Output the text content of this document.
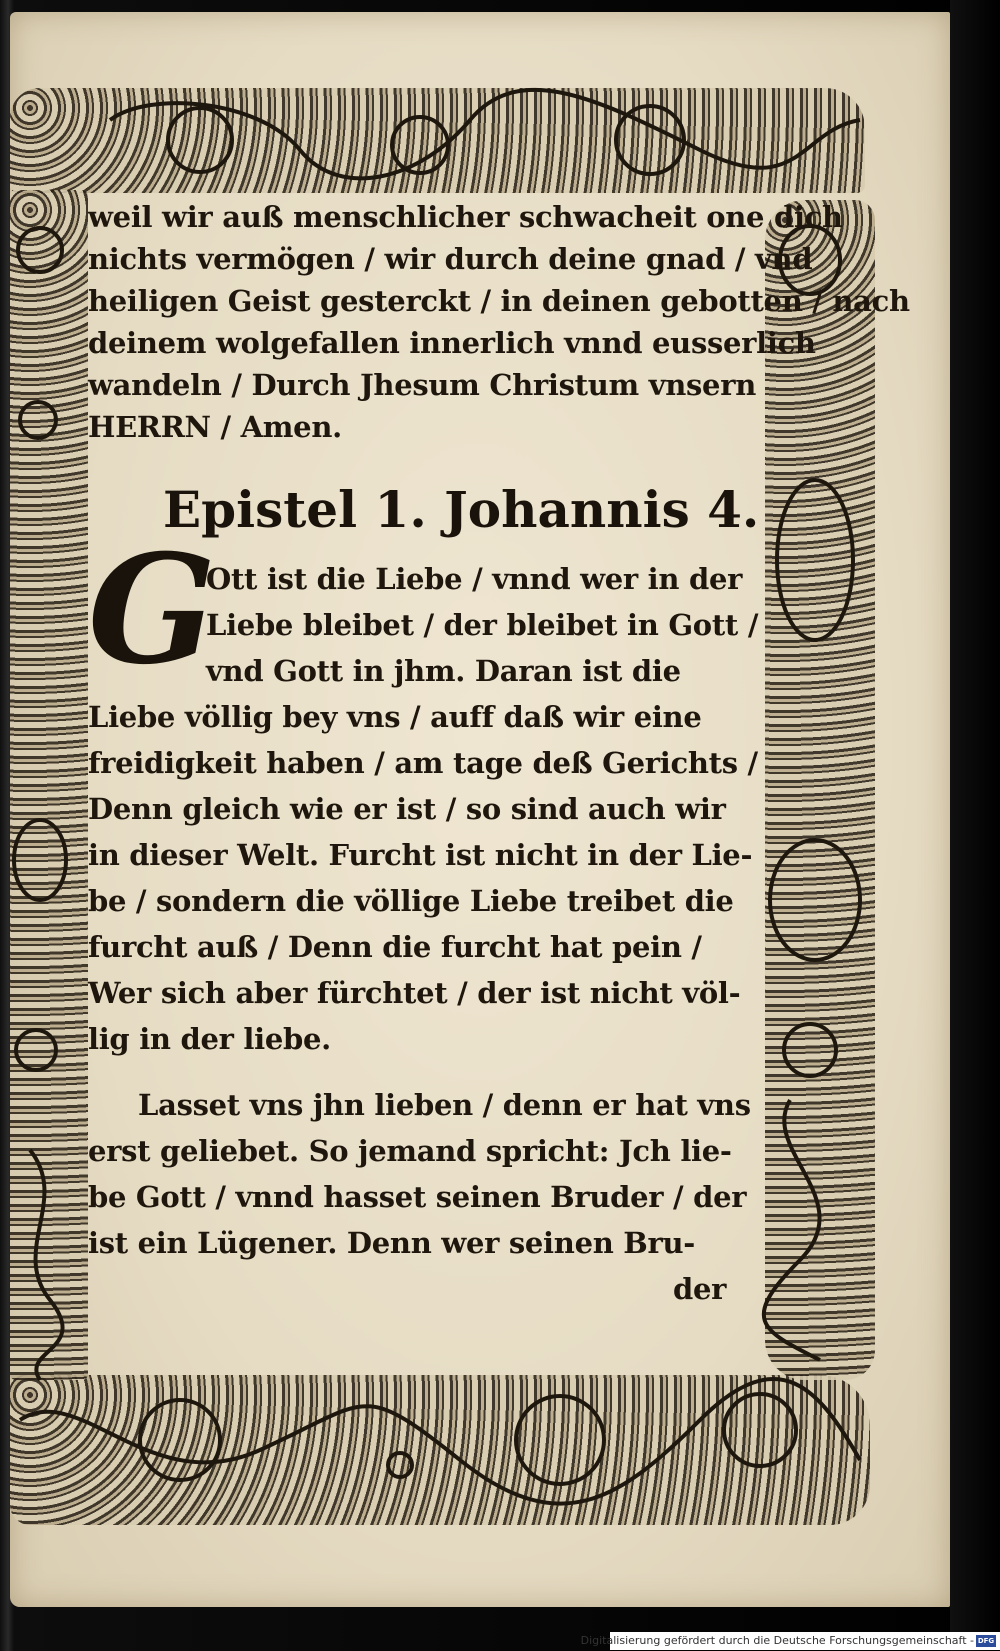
weil wir auß menschlicher schwacheit one dich
nichts vermögen / wir durch deine gnad / vnd
heiligen Geist gesterckt / in deinen gebotten / nach
deinem wolgefallen innerlich vnnd eusserlich
wandeln / Durch Jhesum Christum vnsern
HERRN / Amen.
Epistel 1. Johannis 4.
G
Ott ist die Liebe / vnnd wer in der
Liebe bleibet / der bleibet in Gott /
vnd Gott in jhm. Daran ist die
Liebe völlig bey vns / auff daß wir eine
freidigkeit haben / am tage deß Gerichts /
Denn gleich wie er ist / so sind auch wir
in dieser Welt. Furcht ist nicht in der Lie-
be / sondern die völlige Liebe treibet die
furcht auß / Denn die furcht hat pein /
Wer sich aber fürchtet / der ist nicht völ-
lig in der liebe.
Lasset vns jhn lieben / denn er hat vns
erst geliebet. So jemand spricht: Jch lie-
be Gott / vnnd hasset seinen Bruder / der
ist ein Lügener. Denn wer seinen Bru-
der
Digitalisierung gefördert durch die Deutsche Forschungsgemeinschaft - DFG
